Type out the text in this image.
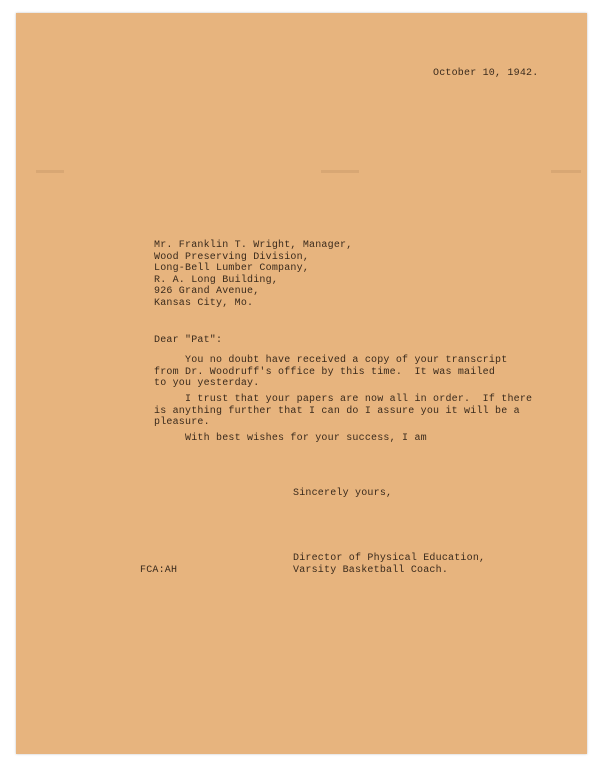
October 10, 1942.

Mr. Franklin T. Wright, Manager,
Wood Preserving Division,
Long-Bell Lumber Company,
R. A. Long Building,
926 Grand Avenue,
Kansas City, Mo.

Dear "Pat":

You no doubt have received a copy of your transcript
from Dr. Woodruff's office by this time.  It was mailed
to you yesterday.

I trust that your papers are now all in order.  If there
is anything further that I can do I assure you it will be a
pleasure.

With best wishes for your success, I am

Sincerely yours,

Director of Physical Education,
Varsity Basketball Coach.

FCA:AH
